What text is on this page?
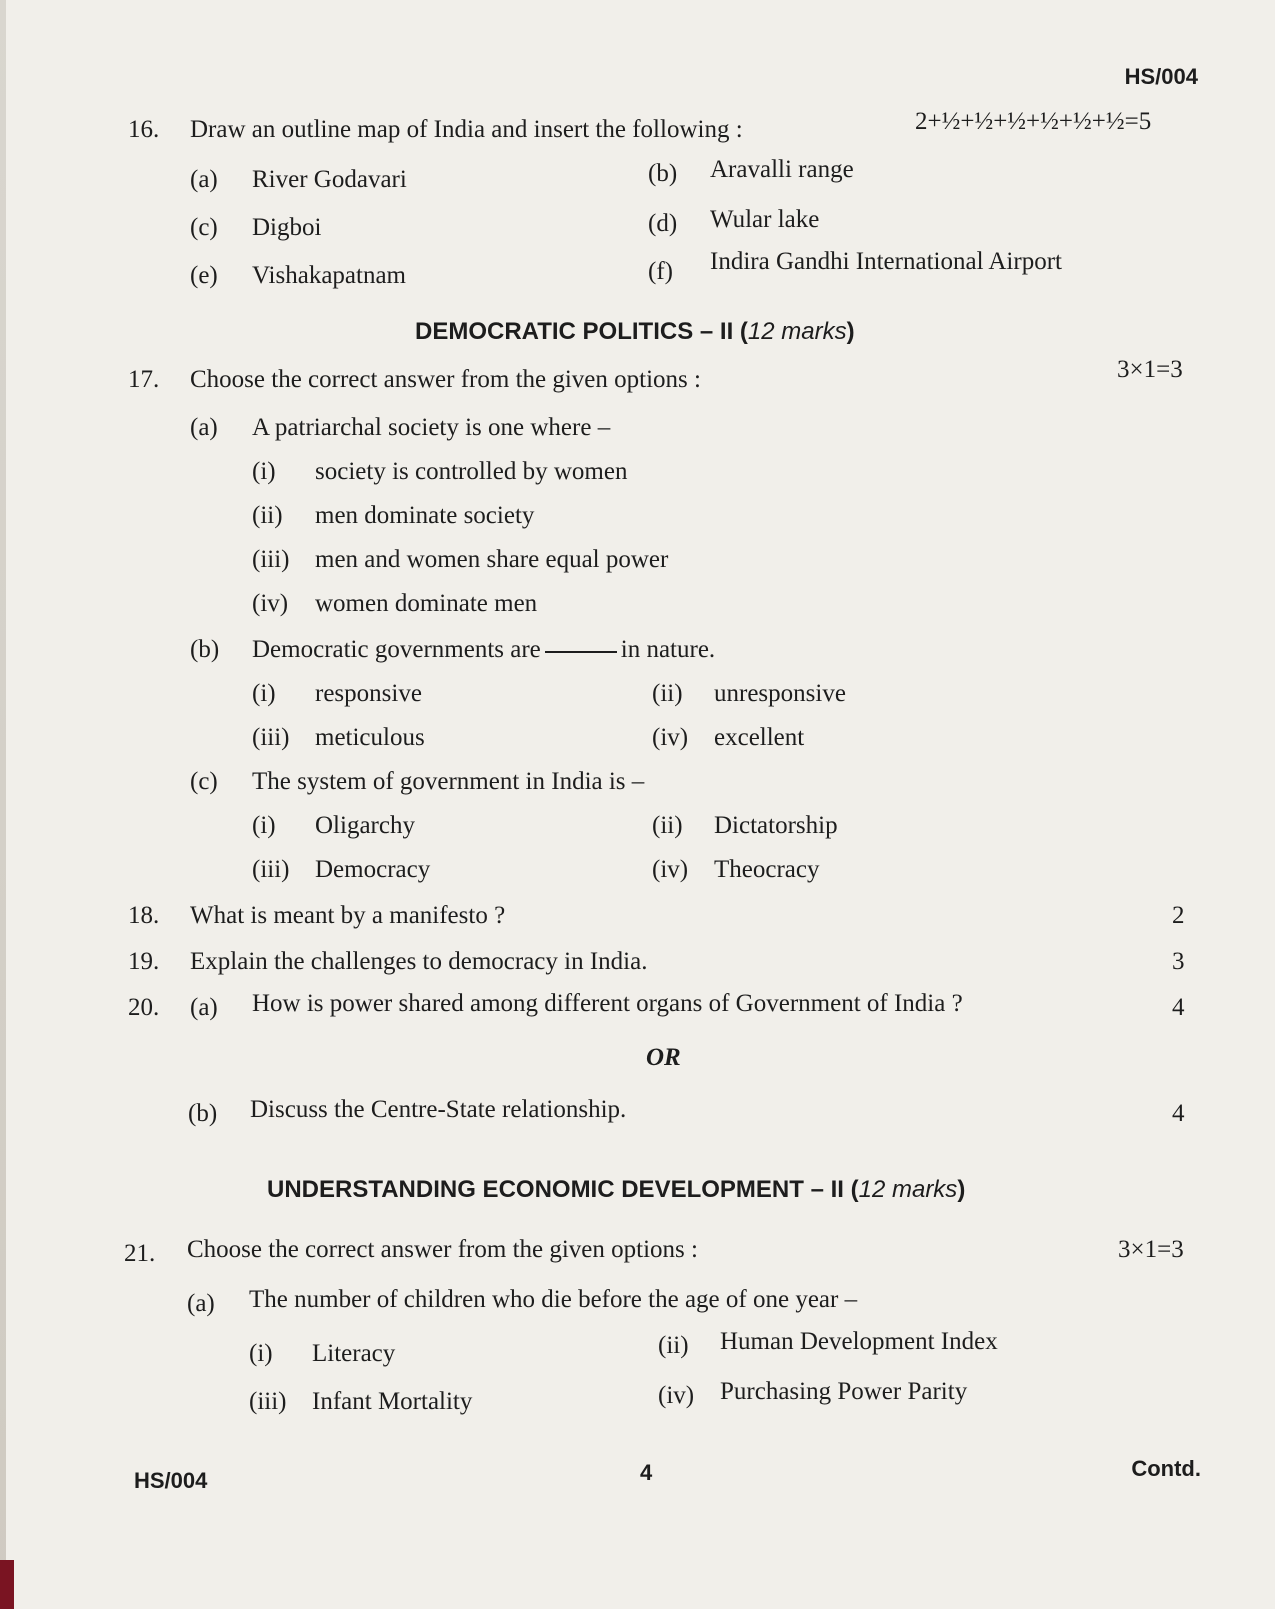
HS/004
16. Draw an outline map of India and insert the following :	2+½+½+½+½+½+½=5
(a) River Godavari	(b) Aravalli range
(c) Digboi	(d) Wular lake
(e) Vishakapatnam	(f) Indira Gandhi International Airport
DEMOCRATIC POLITICS – II (12 marks)
17. Choose the correct answer from the given options :	3×1=3
(a) A patriarchal society is one where –
(i) society is controlled by women
(ii) men dominate society
(iii) men and women share equal power
(iv) women dominate men
(b) Democratic governments are	in nature.
(i) responsive	(ii) unresponsive
(iii) meticulous	(iv) excellent
(c) The system of government in India is –
(i) Oligarchy	(ii) Dictatorship
(iii) Democracy	(iv) Theocracy
18. What is meant by a manifesto ?	2
19. Explain the challenges to democracy in India.	3
20. (a) How is power shared among different organs of Government of India ?	4
OR
(b) Discuss the Centre-State relationship.	4
UNDERSTANDING ECONOMIC DEVELOPMENT – II (12 marks)
21. Choose the correct answer from the given options :	3×1=3
(a) The number of children who die before the age of one year –
(i) Literacy	(ii) Human Development Index
(iii) Infant Mortality	(iv) Purchasing Power Parity
HS/004	4	Contd.
